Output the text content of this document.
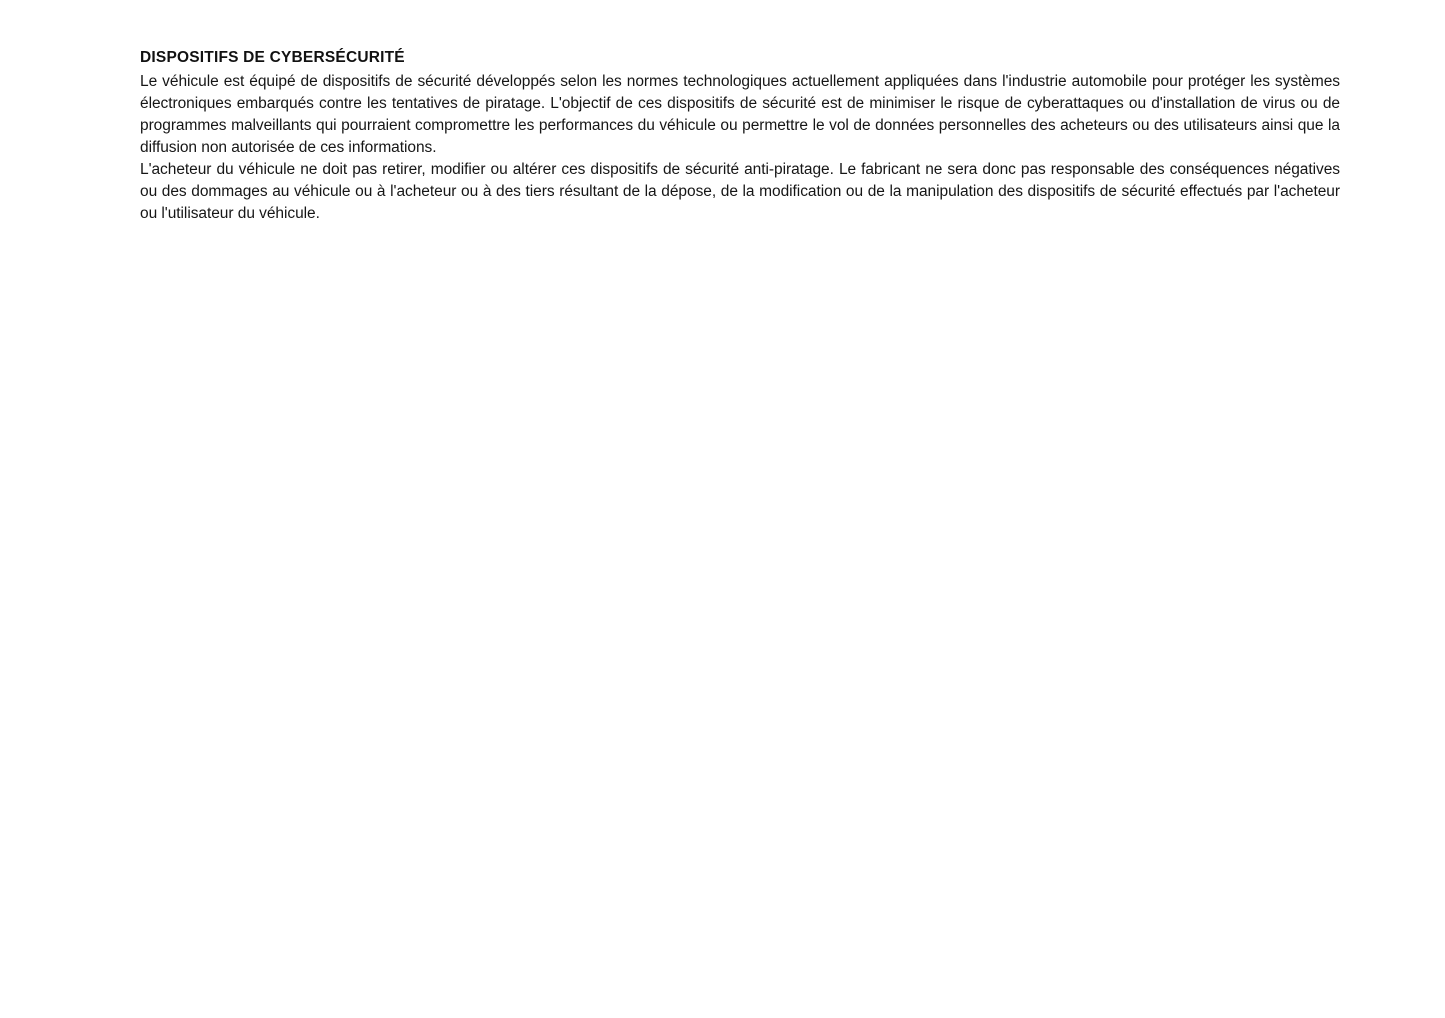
DISPOSITIFS DE CYBERSÉCURITÉ

Le véhicule est équipé de dispositifs de sécurité développés selon les normes technologiques actuellement appliquées dans l'industrie automobile pour protéger les systèmes électroniques embarqués contre les tentatives de piratage. L'objectif de ces dispositifs de sécurité est de minimiser le risque de cyberattaques ou d'installation de virus ou de programmes malveillants qui pourraient compromettre les performances du véhicule ou permettre le vol de données personnelles des acheteurs ou des utilisateurs ainsi que la diffusion non autorisée de ces informations.

L'acheteur du véhicule ne doit pas retirer, modifier ou altérer ces dispositifs de sécurité anti-piratage. Le fabricant ne sera donc pas responsable des conséquences négatives ou des dommages au véhicule ou à l'acheteur ou à des tiers résultant de la dépose, de la modification ou de la manipulation des dispositifs de sécurité effectués par l'acheteur ou l'utilisateur du véhicule.
